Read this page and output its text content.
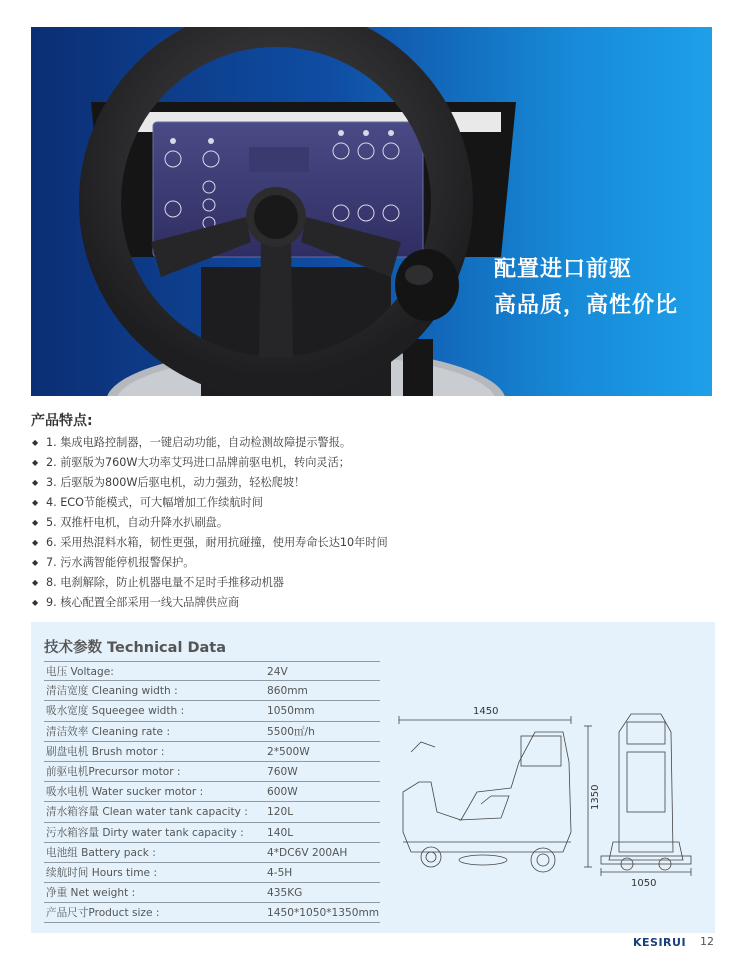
配置进口前驱
高品质，高性价比
产品特点:
◆ 1. 集成电路控制器，一键启动功能，自动检测故障提示警报。
◆ 2. 前驱版为760W大功率艾玛进口品牌前驱电机，转向灵活；
◆ 3. 后驱版为800W后驱电机，动力强劲，轻松爬坡！
◆ 4. ECO节能模式，可大幅增加工作续航时间
◆ 5. 双推杆电机，自动升降水扒刷盘。
◆ 6. 采用热混料水箱，韧性更强，耐用抗碰撞，使用寿命长达10年时间
◆ 7. 污水满智能停机报警保护。
◆ 8. 电刹解除，防止机器电量不足时手推移动机器
◆ 9. 核心配置全部采用一线大品牌供应商
技术参数 Technical Data
电压 Voltage:	24V
清洁宽度 Cleaning width :	860mm
吸水宽度 Squeegee width :	1050mm
清洁效率 Cleaning rate :	5500㎡/h
刷盘电机 Brush motor :	2*500W
前驱电机Precursor motor :	760W
吸水电机 Water sucker motor :	600W
清水箱容量 Clean water tank capacity : 120L
污水箱容量 Dirty water tank capacity : 140L
电池组 Battery pack :	4*DC6V 200AH
续航时间 Hours time :	4-5H
净重 Net weight :	435KG
产品尺寸Product size :	1450*1050*1350mm
1450
1350
1050
KESIRUI 12
